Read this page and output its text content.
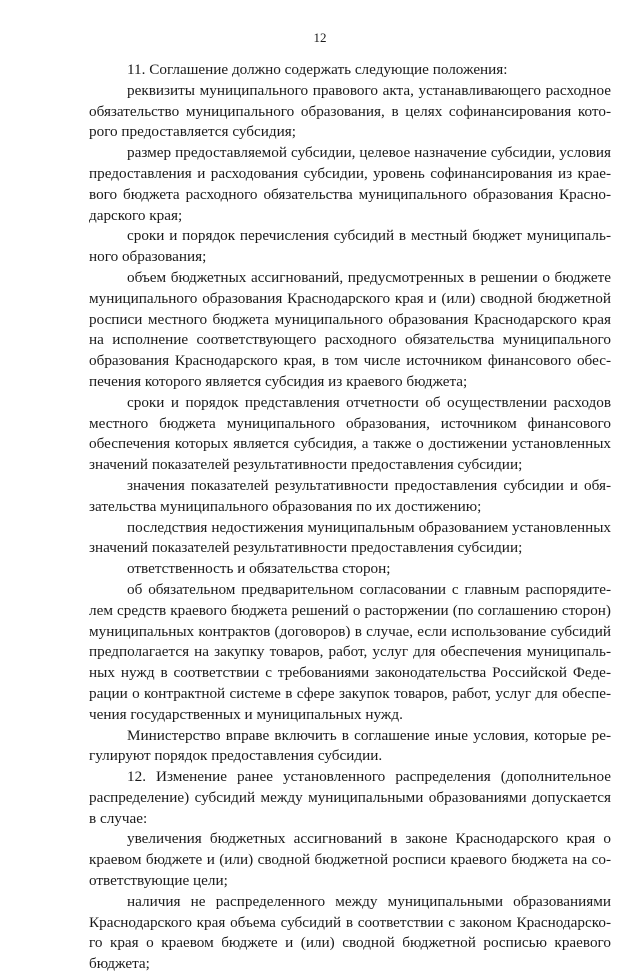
12

11. Соглашение должно содержать следующие положения:

реквизиты муниципального правового акта, устанавливающего расходное обязательство муниципального образования, в целях софинансирования которого предоставляется субсидия;

размер предоставляемой субсидии, целевое назначение субсидии, условия предоставления и расходования субсидии, уровень софинансирования из краевого бюджета расходного обязательства муниципального образования Краснодарского края;

сроки и порядок перечисления субсидий в местный бюджет муниципального образования;

объем бюджетных ассигнований, предусмотренных в решении о бюджете муниципального образования Краснодарского края и (или) сводной бюджетной росписи местного бюджета муниципального образования Краснодарского края на исполнение соответствующего расходного обязательства муниципального образования Краснодарского края, в том числе источником финансового обеспечения которого является субсидия из краевого бюджета;

сроки и порядок представления отчетности об осуществлении расходов местного бюджета муниципального образования, источником финансового обеспечения которых является субсидия, а также о достижении установленных значений показателей результативности предоставления субсидии;

значения показателей результативности предоставления субсидии и обязательства муниципального образования по их достижению;

последствия недостижения муниципальным образованием установленных значений показателей результативности предоставления субсидии;

ответственность и обязательства сторон;

об обязательном предварительном согласовании с главным распорядителем средств краевого бюджета решений о расторжении (по соглашению сторон) муниципальных контрактов (договоров) в случае, если использование субсидий предполагается на закупку товаров, работ, услуг для обеспечения муниципальных нужд в соответствии с требованиями законодательства Российской Федерации о контрактной системе в сфере закупок товаров, работ, услуг для обеспечения государственных и муниципальных нужд.

Министерство вправе включить в соглашение иные условия, которые регулируют порядок предоставления субсидии.

12. Изменение ранее установленного распределения (дополнительное распределение) субсидий между муниципальными образованиями допускается в случае:

увеличения бюджетных ассигнований в законе Краснодарского края о краевом бюджете и (или) сводной бюджетной росписи краевого бюджета на соответствующие цели;

наличия не распределенного между муниципальными образованиями Краснодарского края объема субсидий в соответствии с законом Краснодарского края о краевом бюджете и (или) сводной бюджетной росписью краевого бюджета;
